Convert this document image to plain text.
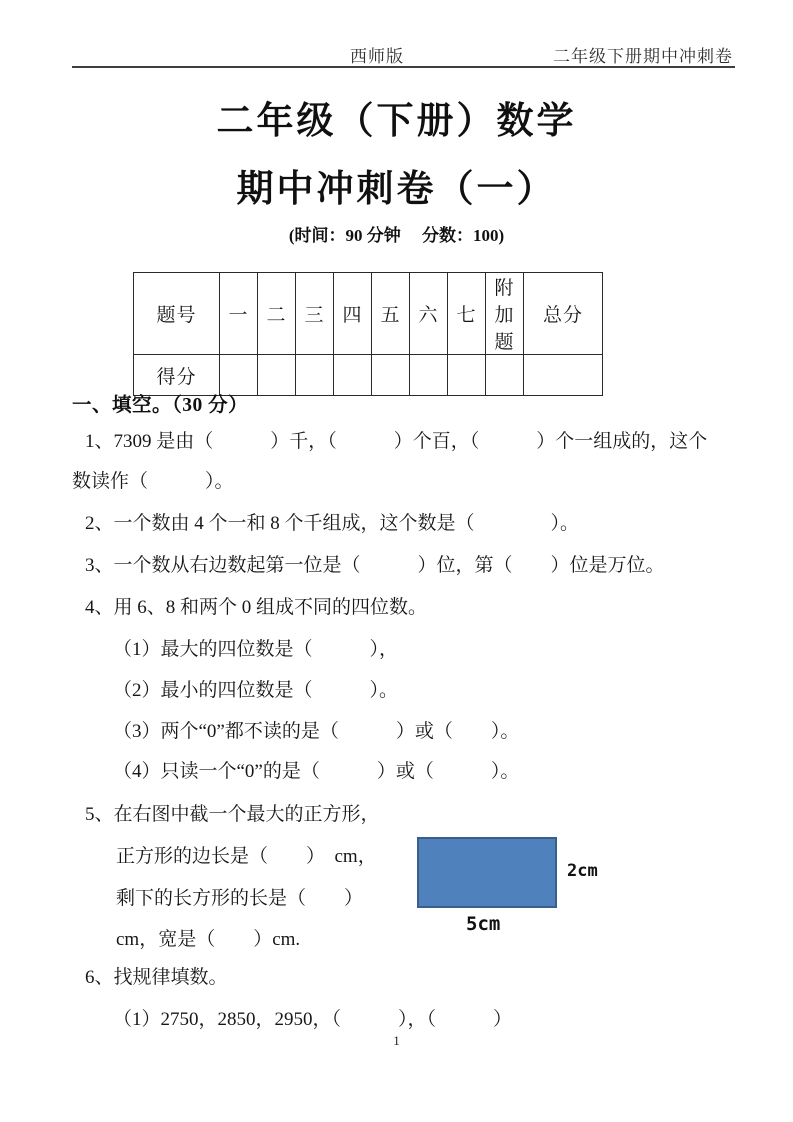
西师版	二年级下册期中冲刺卷
二年级（下册）数学
期中冲刺卷（一）
(时间：90 分钟　 分数：100)
题号	一	二	三	四	五	六	七	附加题	总分
得分									
一、填空。（30 分）
1、7309 是由（　　　）千，（　　　）个百，（　　　）个一组成的，这个
数读作（　　　）。
2、一个数由 4 个一和 8 个千组成，这个数是（　　　　）。
3、一个数从右边数起第一位是（　　　）位，第（　　）位是万位。
4、用 6、8 和两个 0 组成不同的四位数。
（1）最大的四位数是（　　　），
（2）最小的四位数是（　　　）。
（3）两个“0”都不读的是（　　　）或（　　）。
（4）只读一个“0”的是（　　　）或（　　　）。
5、在右图中截一个最大的正方形，
正方形的边长是（　　）　cm，
剩下的长方形的长是（　　）
cm，宽是（　　）cm.
6、找规律填数。
（1）2750，2850，2950，（　　　），（　　　）
2cm
5cm
1
